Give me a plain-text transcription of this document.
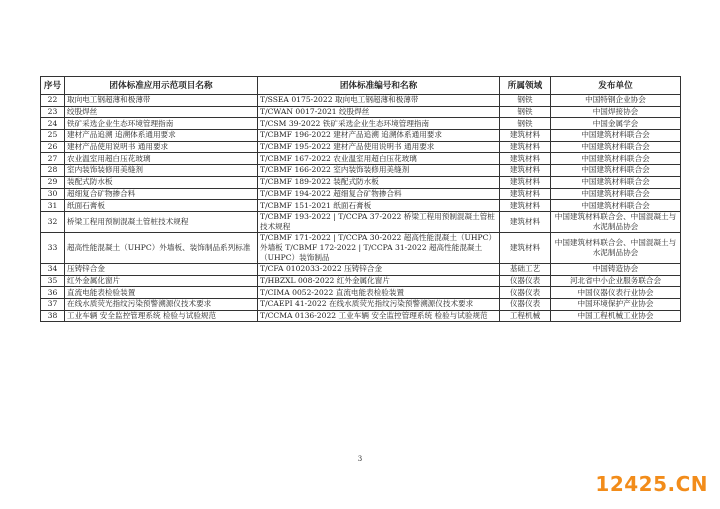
序号	团体标准应用示范项目名称	团体标准编号和名称	所属领域	发布单位
22	取向电工钢超薄和极薄带	T/SSEA 0175-2022 取向电工钢超薄和极薄带	钢铁	中国特钢企业协会
23	绞股焊丝	T/CWAN 0017-2021 绞股焊丝	钢铁	中国焊接协会
24	铁矿采选企业生态环境管理指南	T/CSM 39-2022 铁矿采选企业生态环境管理指南	钢铁	中国金属学会
25	建材产品追溯 追溯体系通用要求	T/CBMF 196-2022 建材产品追溯 追溯体系通用要求	建筑材料	中国建筑材料联合会
26	建材产品使用说明书 通用要求	T/CBMF 195-2022 建材产品使用说明书 通用要求	建筑材料	中国建筑材料联合会
27	农业温室用超白压花玻璃	T/CBMF 167-2022 农业温室用超白压花玻璃	建筑材料	中国建筑材料联合会
28	室内装饰装修用美缝剂	T/CBMF 166-2022 室内装饰装修用美缝剂	建筑材料	中国建筑材料联合会
29	装配式防水板	T/CBMF 189-2022 装配式防水板	建筑材料	中国建筑材料联合会
30	超细复合矿物掺合料	T/CBMF 194-2022 超细复合矿物掺合料	建筑材料	中国建筑材料联合会
31	纸面石膏板	T/CBMF 151-2021 纸面石膏板	建筑材料	中国建筑材料联合会
32	桥梁工程用预制混凝土管桩技术规程	T/CBMF 193-2022 | T/CCPA 37-2022 桥梁工程用预制混凝土管桩技术规程	建筑材料	中国建筑材料联合会、中国混凝土与水泥制品协会
33	超高性能混凝土（UHPC）外墙板、装饰制品系列标准	T/CBMF 171-2022 | T/CCPA 30-2022 超高性能混凝土（UHPC）外墙板 T/CBMF 172-2022 | T/CCPA 31-2022 超高性能混凝土（UHPC）装饰制品	建筑材料	中国建筑材料联合会、中国混凝土与水泥制品协会
34	压铸锌合金	T/CFA 0102033-2022 压铸锌合金	基础工艺	中国铸造协会
35	红外金属化窗片	T/HBZXL 008-2022 红外金属化窗片	仪器仪表	河北省中小企业服务联合会
36	直流电能表检验装置	T/CIMA 0052-2022 直流电能表检验装置	仪器仪表	中国仪器仪表行业协会
37	在线水质荧光指纹污染预警溯源仪技术要求	T/CAEPI 41-2022 在线水质荧光指纹污染预警溯源仪技术要求	仪器仪表	中国环境保护产业协会
38	工业车辆 安全监控管理系统 检验与试验规范	T/CCMA 0136-2022 工业车辆 安全监控管理系统 检验与试验规范	工程机械	中国工程机械工业协会
3
12425.CN
